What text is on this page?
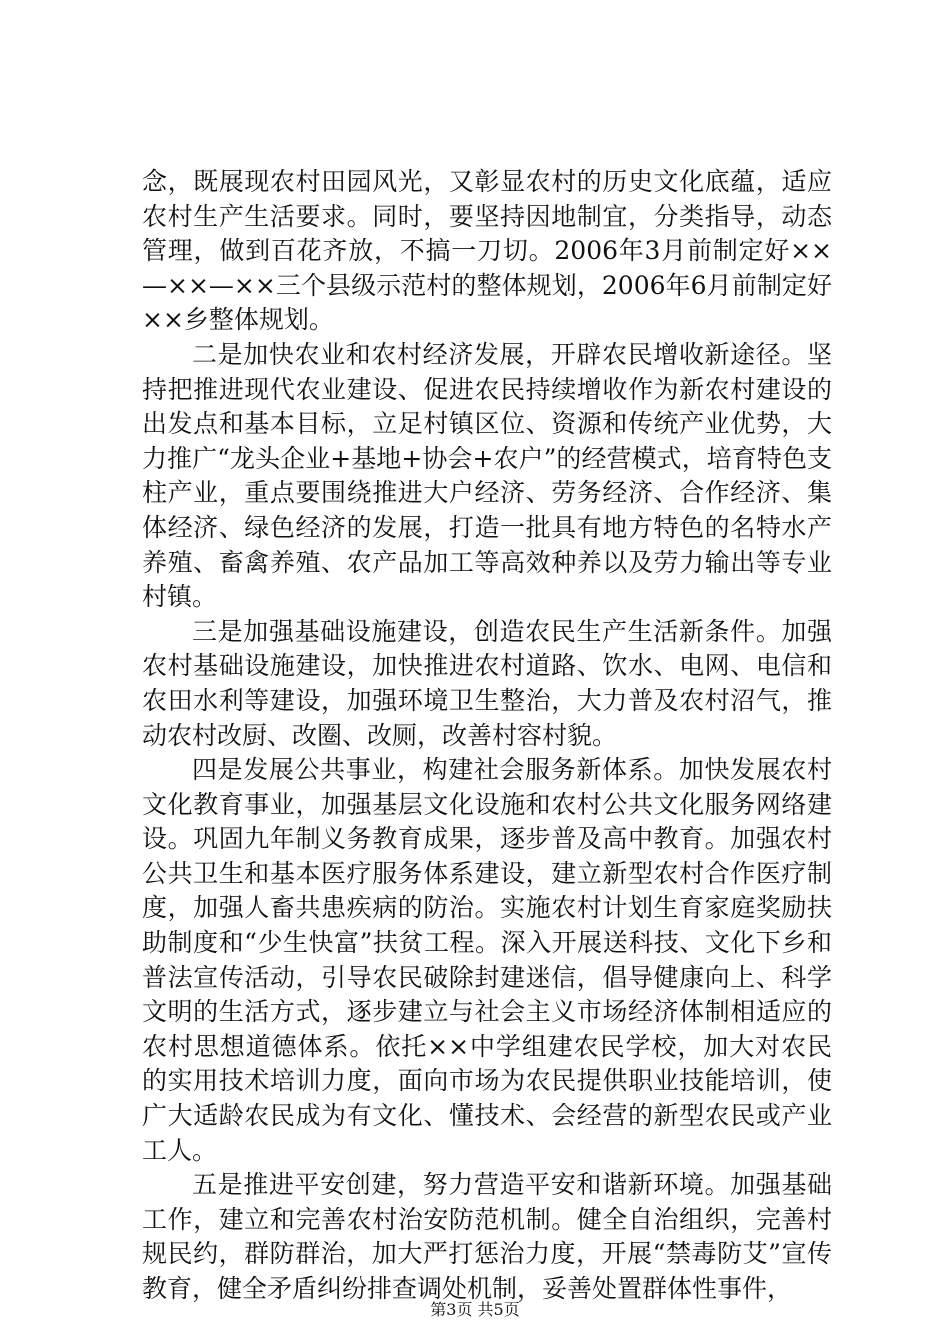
念，既展现农村田园风光，又彰显农村的历史文化底蕴，适应农村生产生活要求。同时，要坚持因地制宜，分类指导，动态管理，做到百花齐放，不搞一刀切。2006年3月前制定好××—××—××三个县级示范村的整体规划，2006年6月前制定好××乡整体规划。

二是加快农业和农村经济发展，开辟农民增收新途径。坚持把推进现代农业建设、促进农民持续增收作为新农村建设的出发点和基本目标，立足村镇区位、资源和传统产业优势，大力推广“龙头企业+基地+协会+农户”的经营模式，培育特色支柱产业，重点要围绕推进大户经济、劳务经济、合作经济、集体经济、绿色经济的发展，打造一批具有地方特色的名特水产养殖、畜禽养殖、农产品加工等高效种养以及劳力输出等专业村镇。

三是加强基础设施建设，创造农民生产生活新条件。加强农村基础设施建设，加快推进农村道路、饮水、电网、电信和农田水利等建设，加强环境卫生整治，大力普及农村沼气，推动农村改厨、改圈、改厕，改善村容村貌。

四是发展公共事业，构建社会服务新体系。加快发展农村文化教育事业，加强基层文化设施和农村公共文化服务网络建设。巩固九年制义务教育成果，逐步普及高中教育。加强农村公共卫生和基本医疗服务体系建设，建立新型农村合作医疗制度，加强人畜共患疾病的防治。实施农村计划生育家庭奖励扶助制度和“少生快富”扶贫工程。深入开展送科技、文化下乡和普法宣传活动，引导农民破除封建迷信，倡导健康向上、科学文明的生活方式，逐步建立与社会主义市场经济体制相适应的农村思想道德体系。依托××中学组建农民学校，加大对农民的实用技术培训力度，面向市场为农民提供职业技能培训，使广大适龄农民成为有文化、懂技术、会经营的新型农民或产业工人。

五是推进平安创建，努力营造平安和谐新环境。加强基础工作，建立和完善农村治安防范机制。健全自治组织，完善村规民约，群防群治，加大严打惩治力度，开展“禁毒防艾”宣传教育，健全矛盾纠纷排查调处机制，妥善处置群体性事件，

第3页 共5页
